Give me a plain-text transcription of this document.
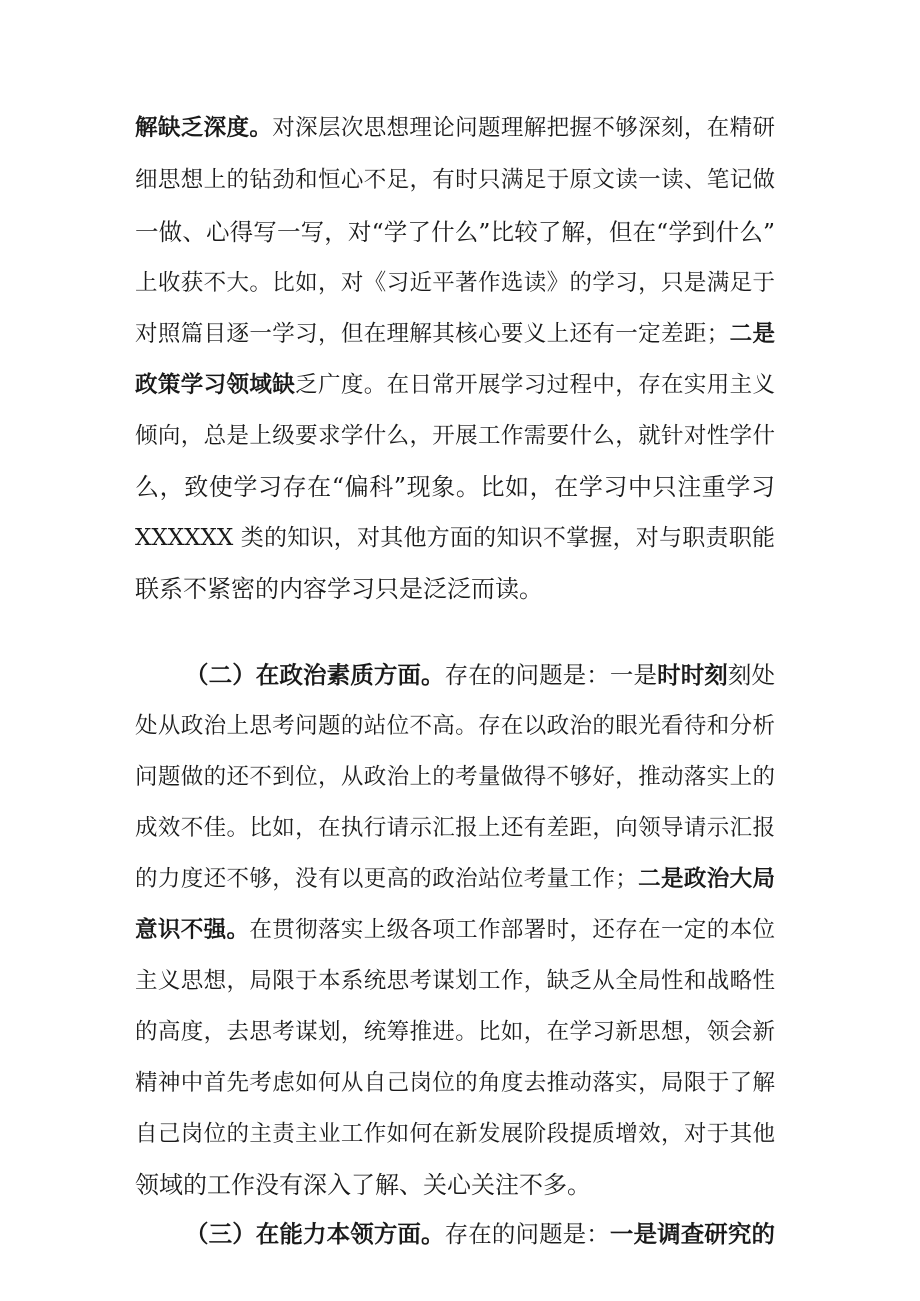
解缺乏深度。对深层次思想理论问题理解把握不够深刻，在精研
细思想上的钻劲和恒心不足，有时只满足于原文读一读、笔记做
一做、心得写一写，对“学了什么”比较了解，但在“学到什么”
上收获不大。比如，对《习近平著作选读》的学习，只是满足于
对照篇目逐一学习，但在理解其核心要义上还有一定差距；二是
政策学习领域缺乏广度。在日常开展学习过程中，存在实用主义
倾向，总是上级要求学什么，开展工作需要什么，就针对性学什
么，致使学习存在“偏科”现象。比如，在学习中只注重学习
XXXXXX 类的知识，对其他方面的知识不掌握，对与职责职能
联系不紧密的内容学习只是泛泛而读。
（二）在政治素质方面。存在的问题是：一是时时刻刻处
处从政治上思考问题的站位不高。存在以政治的眼光看待和分析
问题做的还不到位，从政治上的考量做得不够好，推动落实上的
成效不佳。比如，在执行请示汇报上还有差距，向领导请示汇报
的力度还不够，没有以更高的政治站位考量工作；二是政治大局
意识不强。在贯彻落实上级各项工作部署时，还存在一定的本位
主义思想，局限于本系统思考谋划工作，缺乏从全局性和战略性
的高度，去思考谋划，统筹推进。比如，在学习新思想，领会新
精神中首先考虑如何从自己岗位的角度去推动落实，局限于了解
自己岗位的主责主业工作如何在新发展阶段提质增效，对于其他
领域的工作没有深入了解、关心关注不多。
（三）在能力本领方面。存在的问题是：一是调查研究的
